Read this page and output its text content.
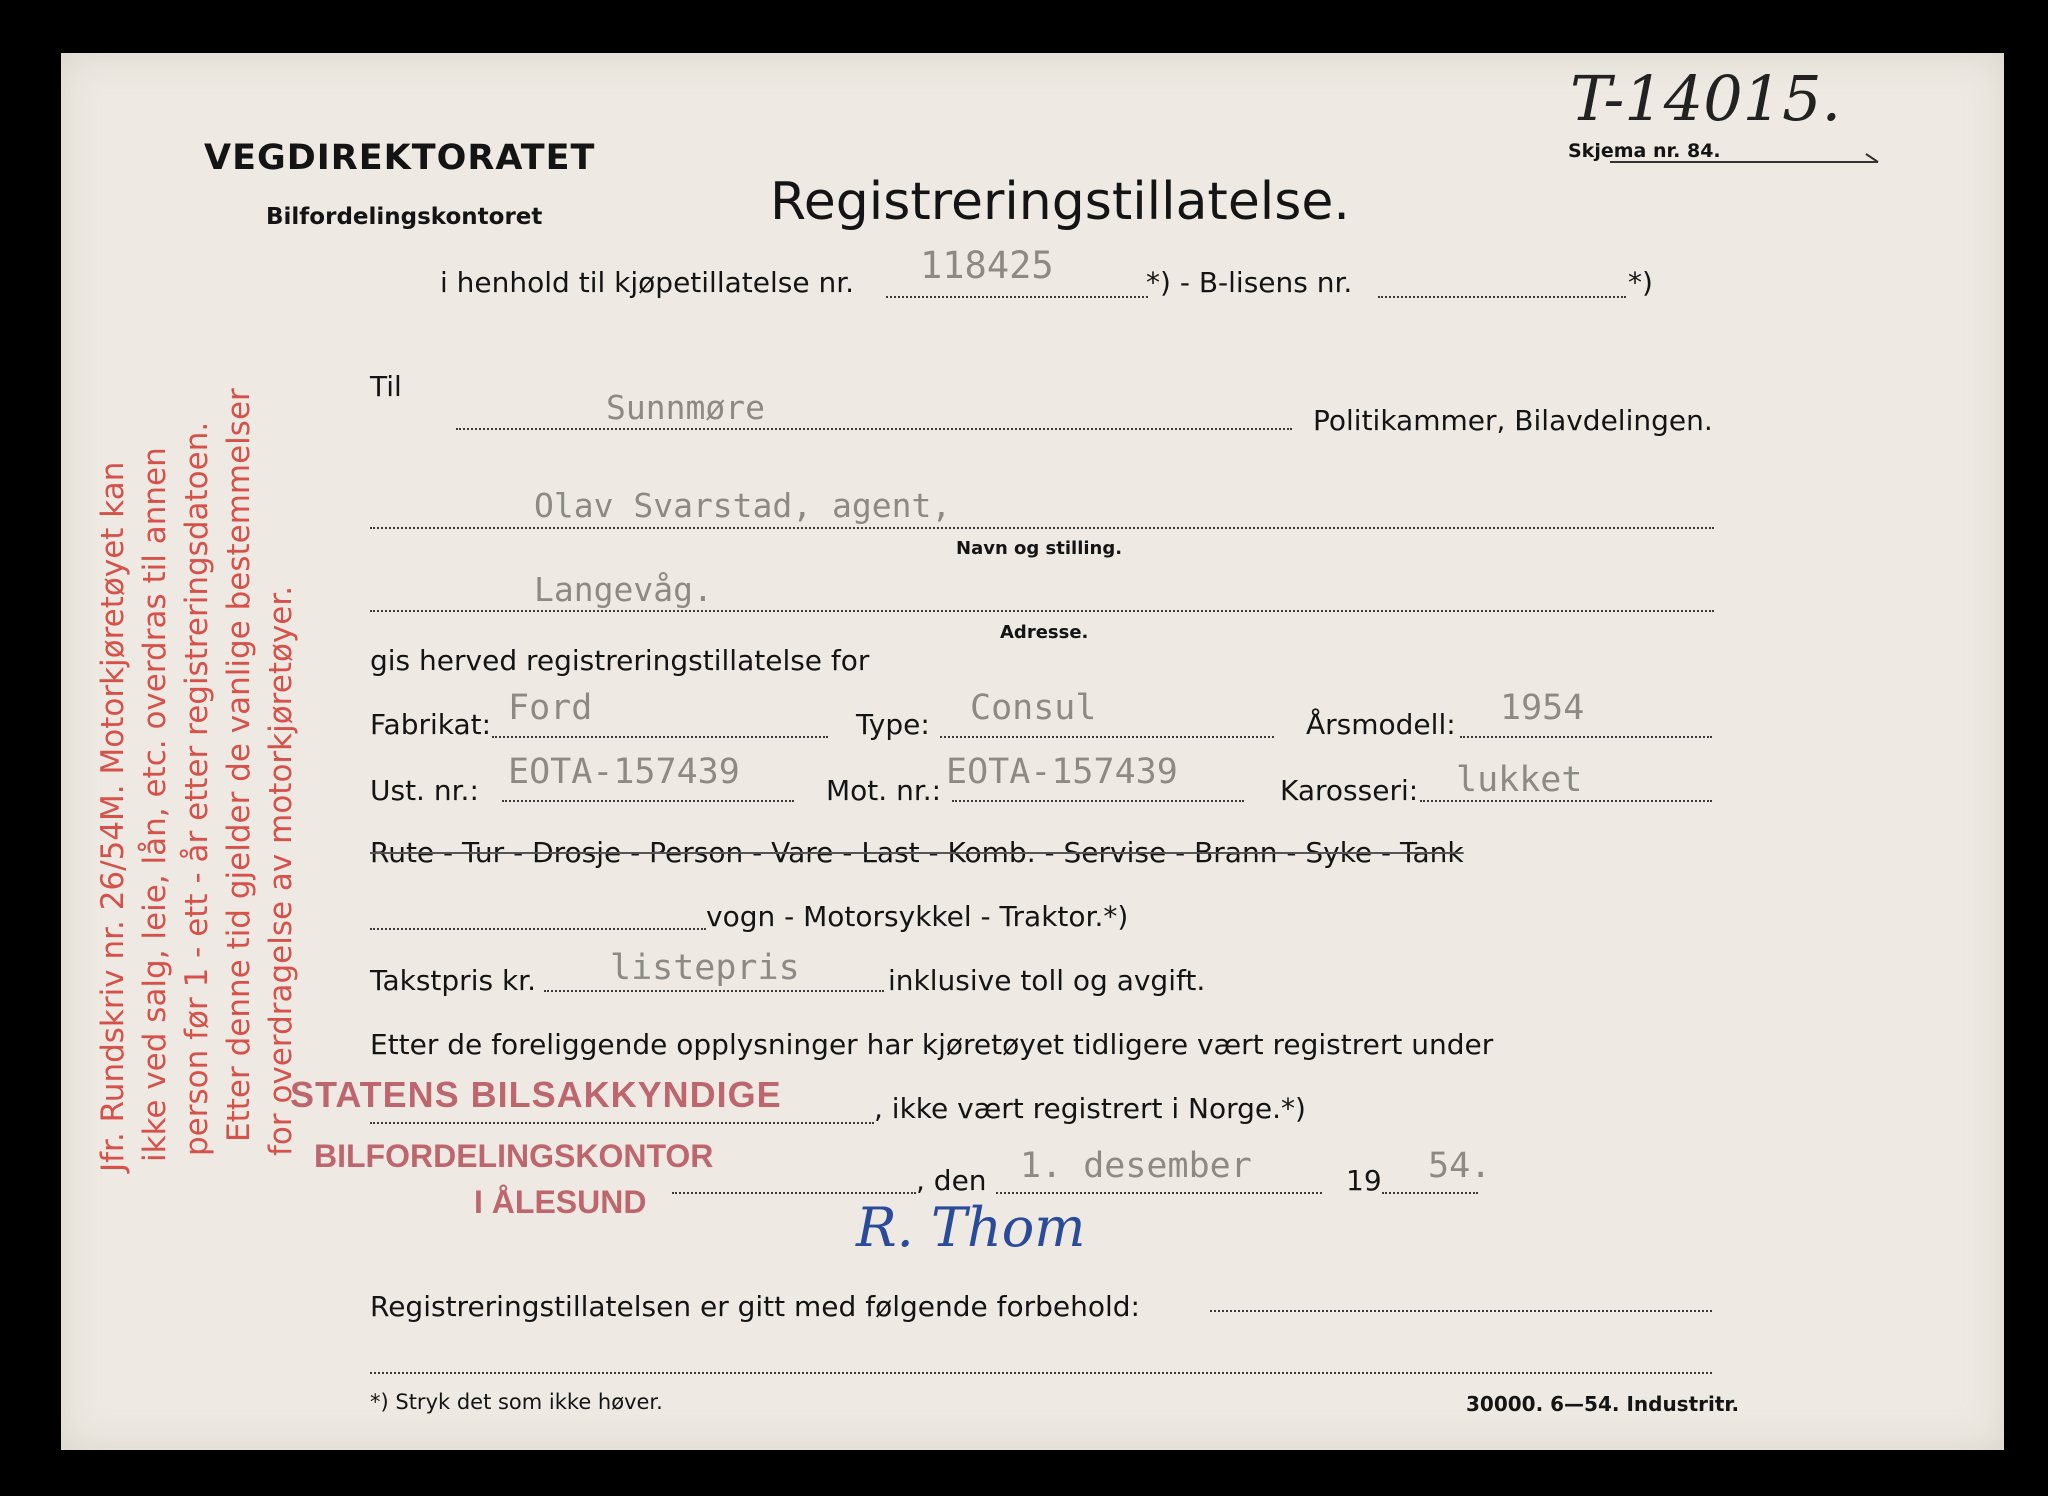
T-14015.
Skjema nr. 84.
VEGDIREKTORATET
Bilfordelingskontoret	Registreringstillatelse.
i henhold til kjøpetillatelse nr. 118425	*) - B-lisens nr.	*)
Til
Sunnmøre	Politikammer, Bilavdelingen.
Olav Svarstad, agent,
Navn og stilling.
Langevåg.
Adresse.
gis herved registreringstillatelse for
Fabrikat: Ford	Type: Consul	Årsmodell: 1954
Ust. nr.: EOTA-157439	Mot. nr.: EOTA-157439	Karosseri: lukket
Rute - Tur - Drosje - Person - Vare - Last - Komb. - Servise - Brann - Syke - Tank
vogn - Motorsykkel - Traktor.*)
Takstpris kr. listepris	inklusive toll og avgift.
Etter de foreliggende opplysninger har kjøretøyet tidligere vært registrert under
, ikke vært registrert i Norge.*)
, den 1. desember	19 54.
R. Thom
STATENS BILSAKKYNDIGE
BILFORDELINGSKONTOR
I ÅLESUND
Registreringstillatelsen er gitt med følgende forbehold:
*) Stryk det som ikke høver.	30000. 6—54. Industritr.
Jfr. Rundskriv nr. 26/54M. Motorkjøretøyet kan ikke ved salg, leie, lån, etc. overdras til annen person før 1 - ett - år etter registreringsdatoen. Etter denne tid gjelder de vanlige bestemmelser for overdragelse av motorkjøretøyer.
